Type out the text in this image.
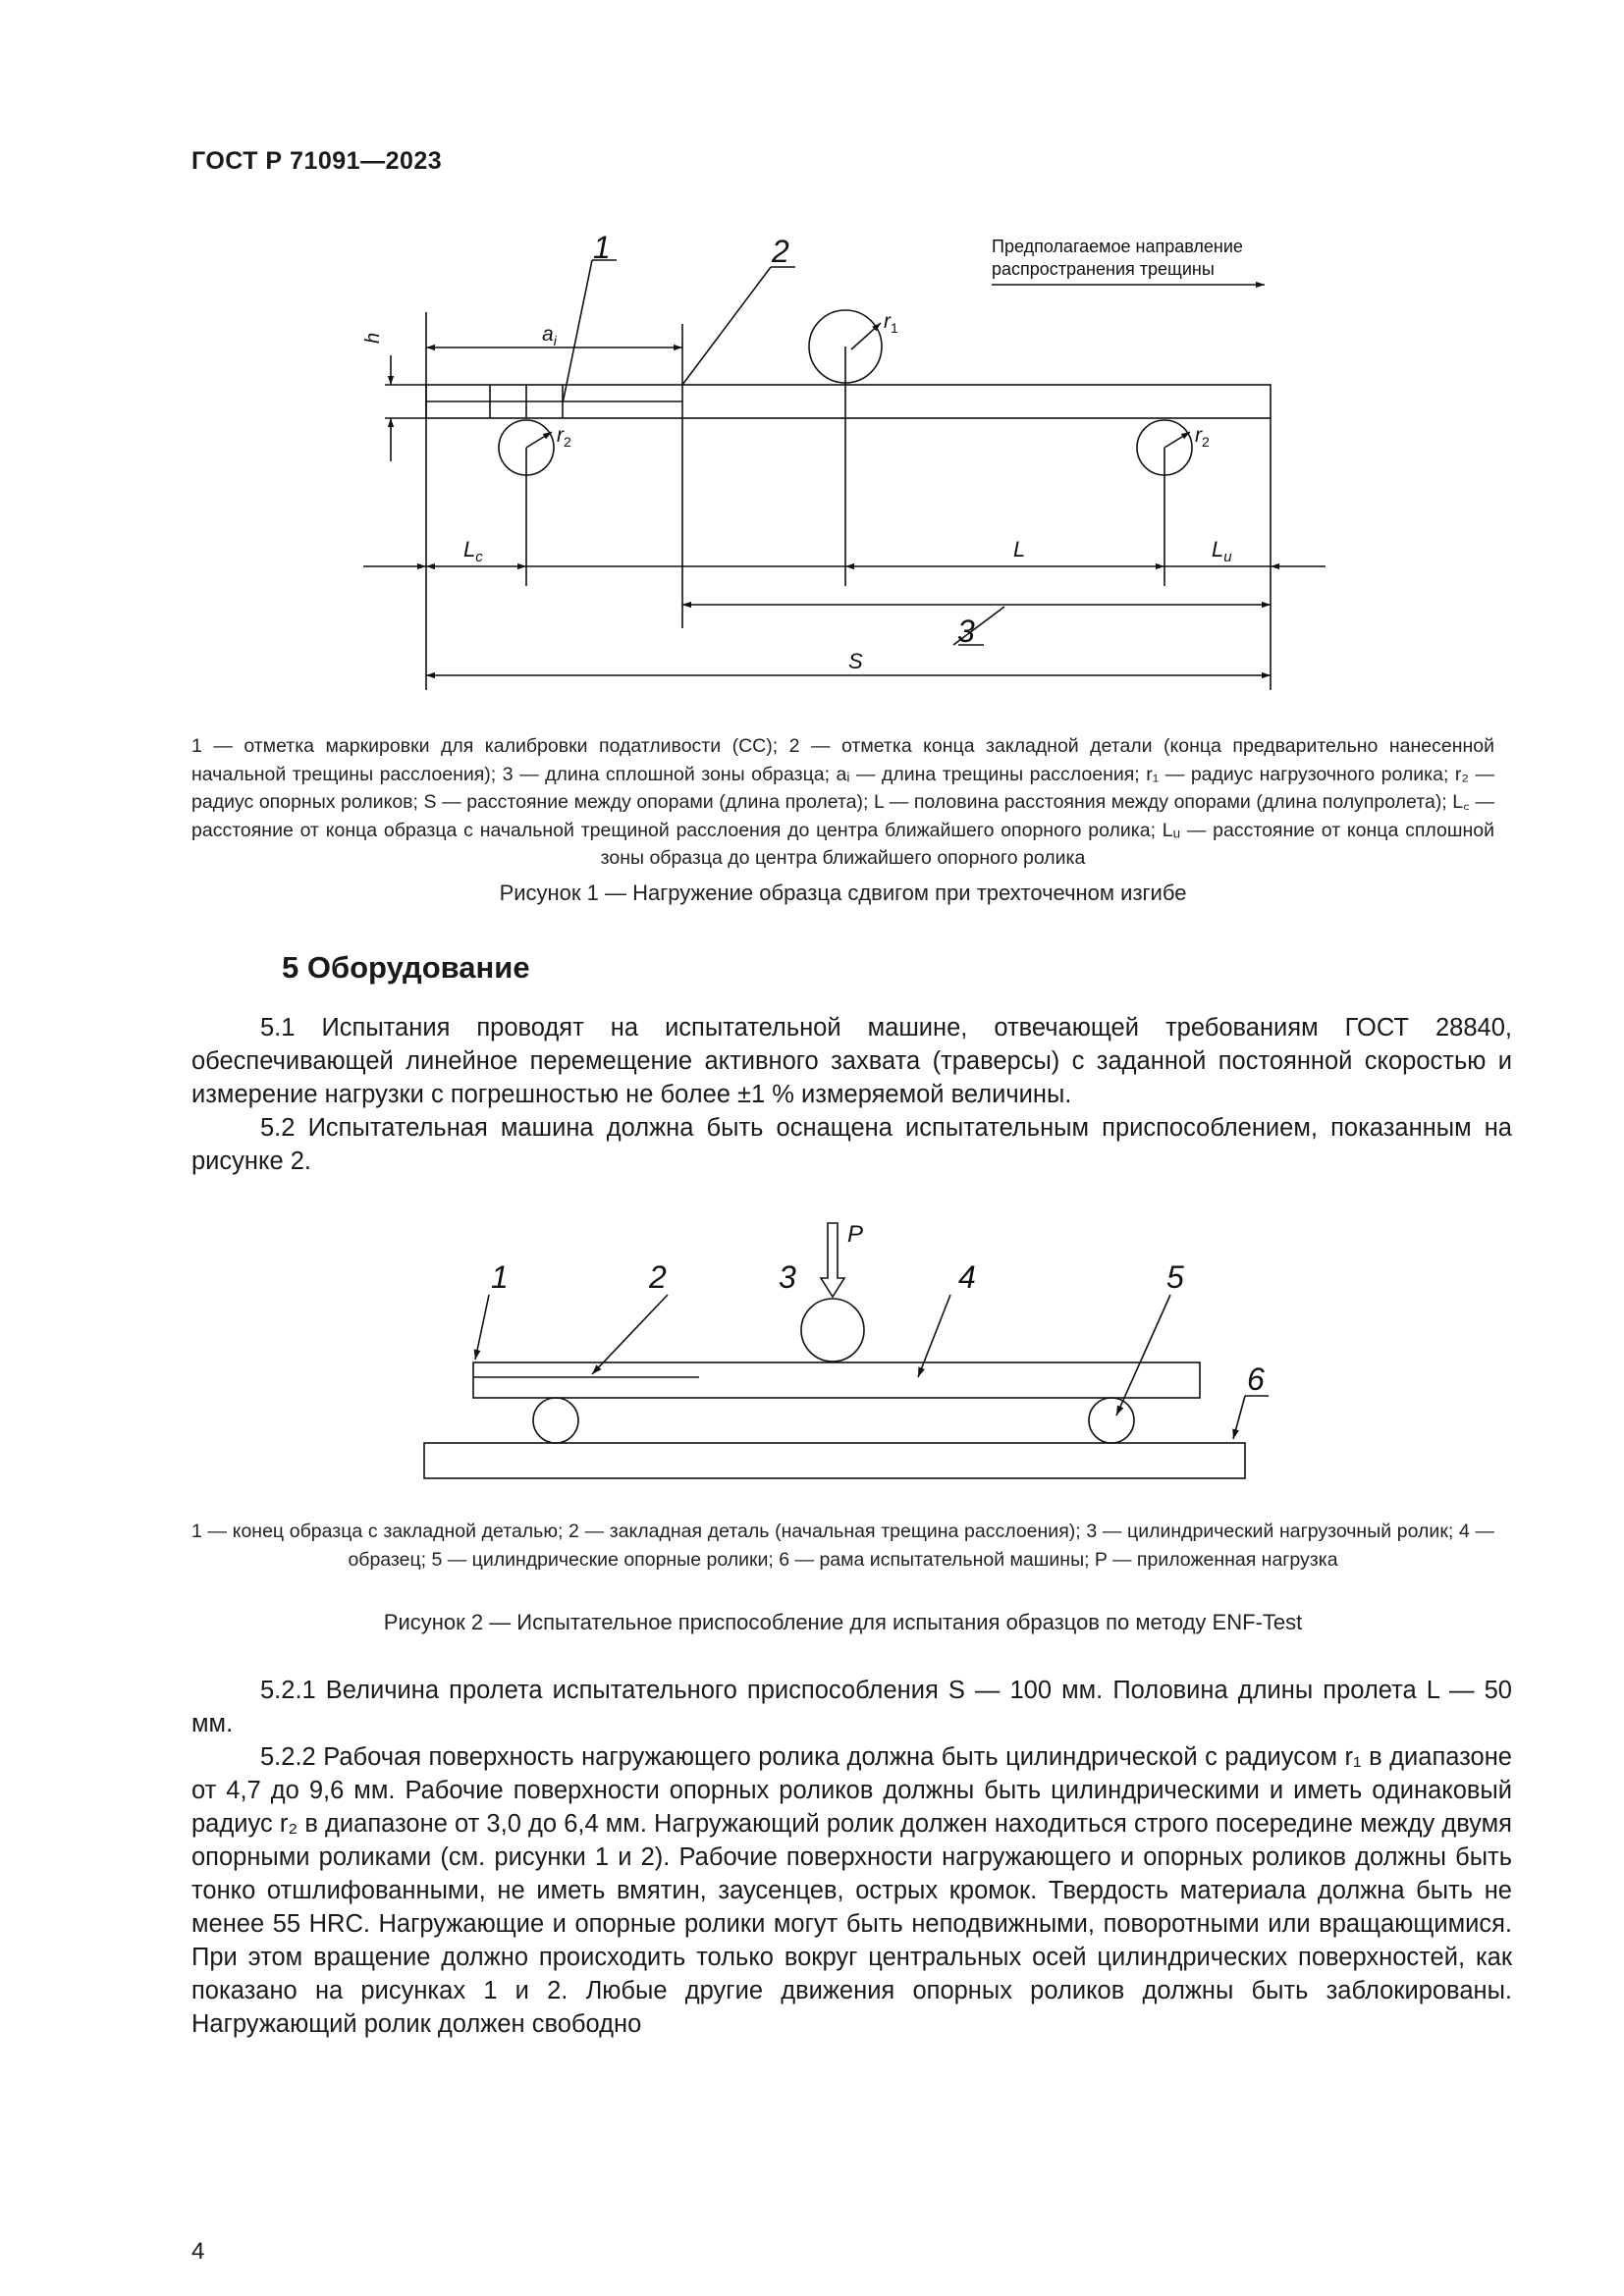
ГОСТ Р 71091—2023
Предполагаемое направление
распространения трещины
1	2
3
h	$a_i$
$r_1$
$r_2$	$r_2$
$L_c$	L	$L_u$
S
1 — отметка маркировки для калибровки податливости (CC); 2 — отметка конца закладной детали (конца предварительно нанесенной начальной трещины расслоения); 3 — длина сплошной зоны образца; aᵢ — длина трещины расслоения; r₁ — радиус нагрузочного ролика; r₂ — радиус опорных роликов; S — расстояние между опорами (длина пролета); L — половина расстояния между опорами (длина полупролета); L꜀ — расстояние от конца образца с начальной трещиной расслоения до центра ближайшего опорного ролика; Lᵤ — расстояние от конца сплошной зоны образца до центра ближайшего опорного ролика
Рисунок 1 — Нагружение образца сдвигом при трехточечном изгибе
5 Оборудование

5.1 Испытания проводят на испытательной машине, отвечающей требованиям ГОСТ 28840, обеспечивающей линейное перемещение активного захвата (траверсы) с заданной постоянной скоростью и измерение нагрузки с погрешностью не более ±1 % измеряемой величины.

5.2 Испытательная машина должна быть оснащена испытательным приспособлением, показанным на рисунке 2.

P
1	2	3	4	5
6
1 — конец образца с закладной деталью; 2 — закладная деталь (начальная трещина расслоения); 3 — цилиндрический нагрузочный ролик; 4 — образец; 5 — цилиндрические опорные ролики; 6 — рама испытательной машины; P — приложенная нагрузка
Рисунок 2 — Испытательное приспособление для испытания образцов по методу ENF-Test

5.2.1 Величина пролета испытательного приспособления S — 100 мм. Половина длины пролета L — 50 мм.

5.2.2 Рабочая поверхность нагружающего ролика должна быть цилиндрической с радиусом r₁ в диапазоне от 4,7 до 9,6 мм. Рабочие поверхности опорных роликов должны быть цилиндрическими и иметь одинаковый радиус r₂ в диапазоне от 3,0 до 6,4 мм. Нагружающий ролик должен находиться строго посередине между двумя опорными роликами (см. рисунки 1 и 2). Рабочие поверхности нагружающего и опорных роликов должны быть тонко отшлифованными, не иметь вмятин, заусенцев, острых кромок. Твердость материала должна быть не менее 55 HRC. Нагружающие и опорные ролики могут быть неподвижными, поворотными или вращающимися. При этом вращение должно происходить только вокруг центральных осей цилиндрических поверхностей, как показано на рисунках 1 и 2. Любые другие движения опорных роликов должны быть заблокированы. Нагружающий ролик должен свободно

4
